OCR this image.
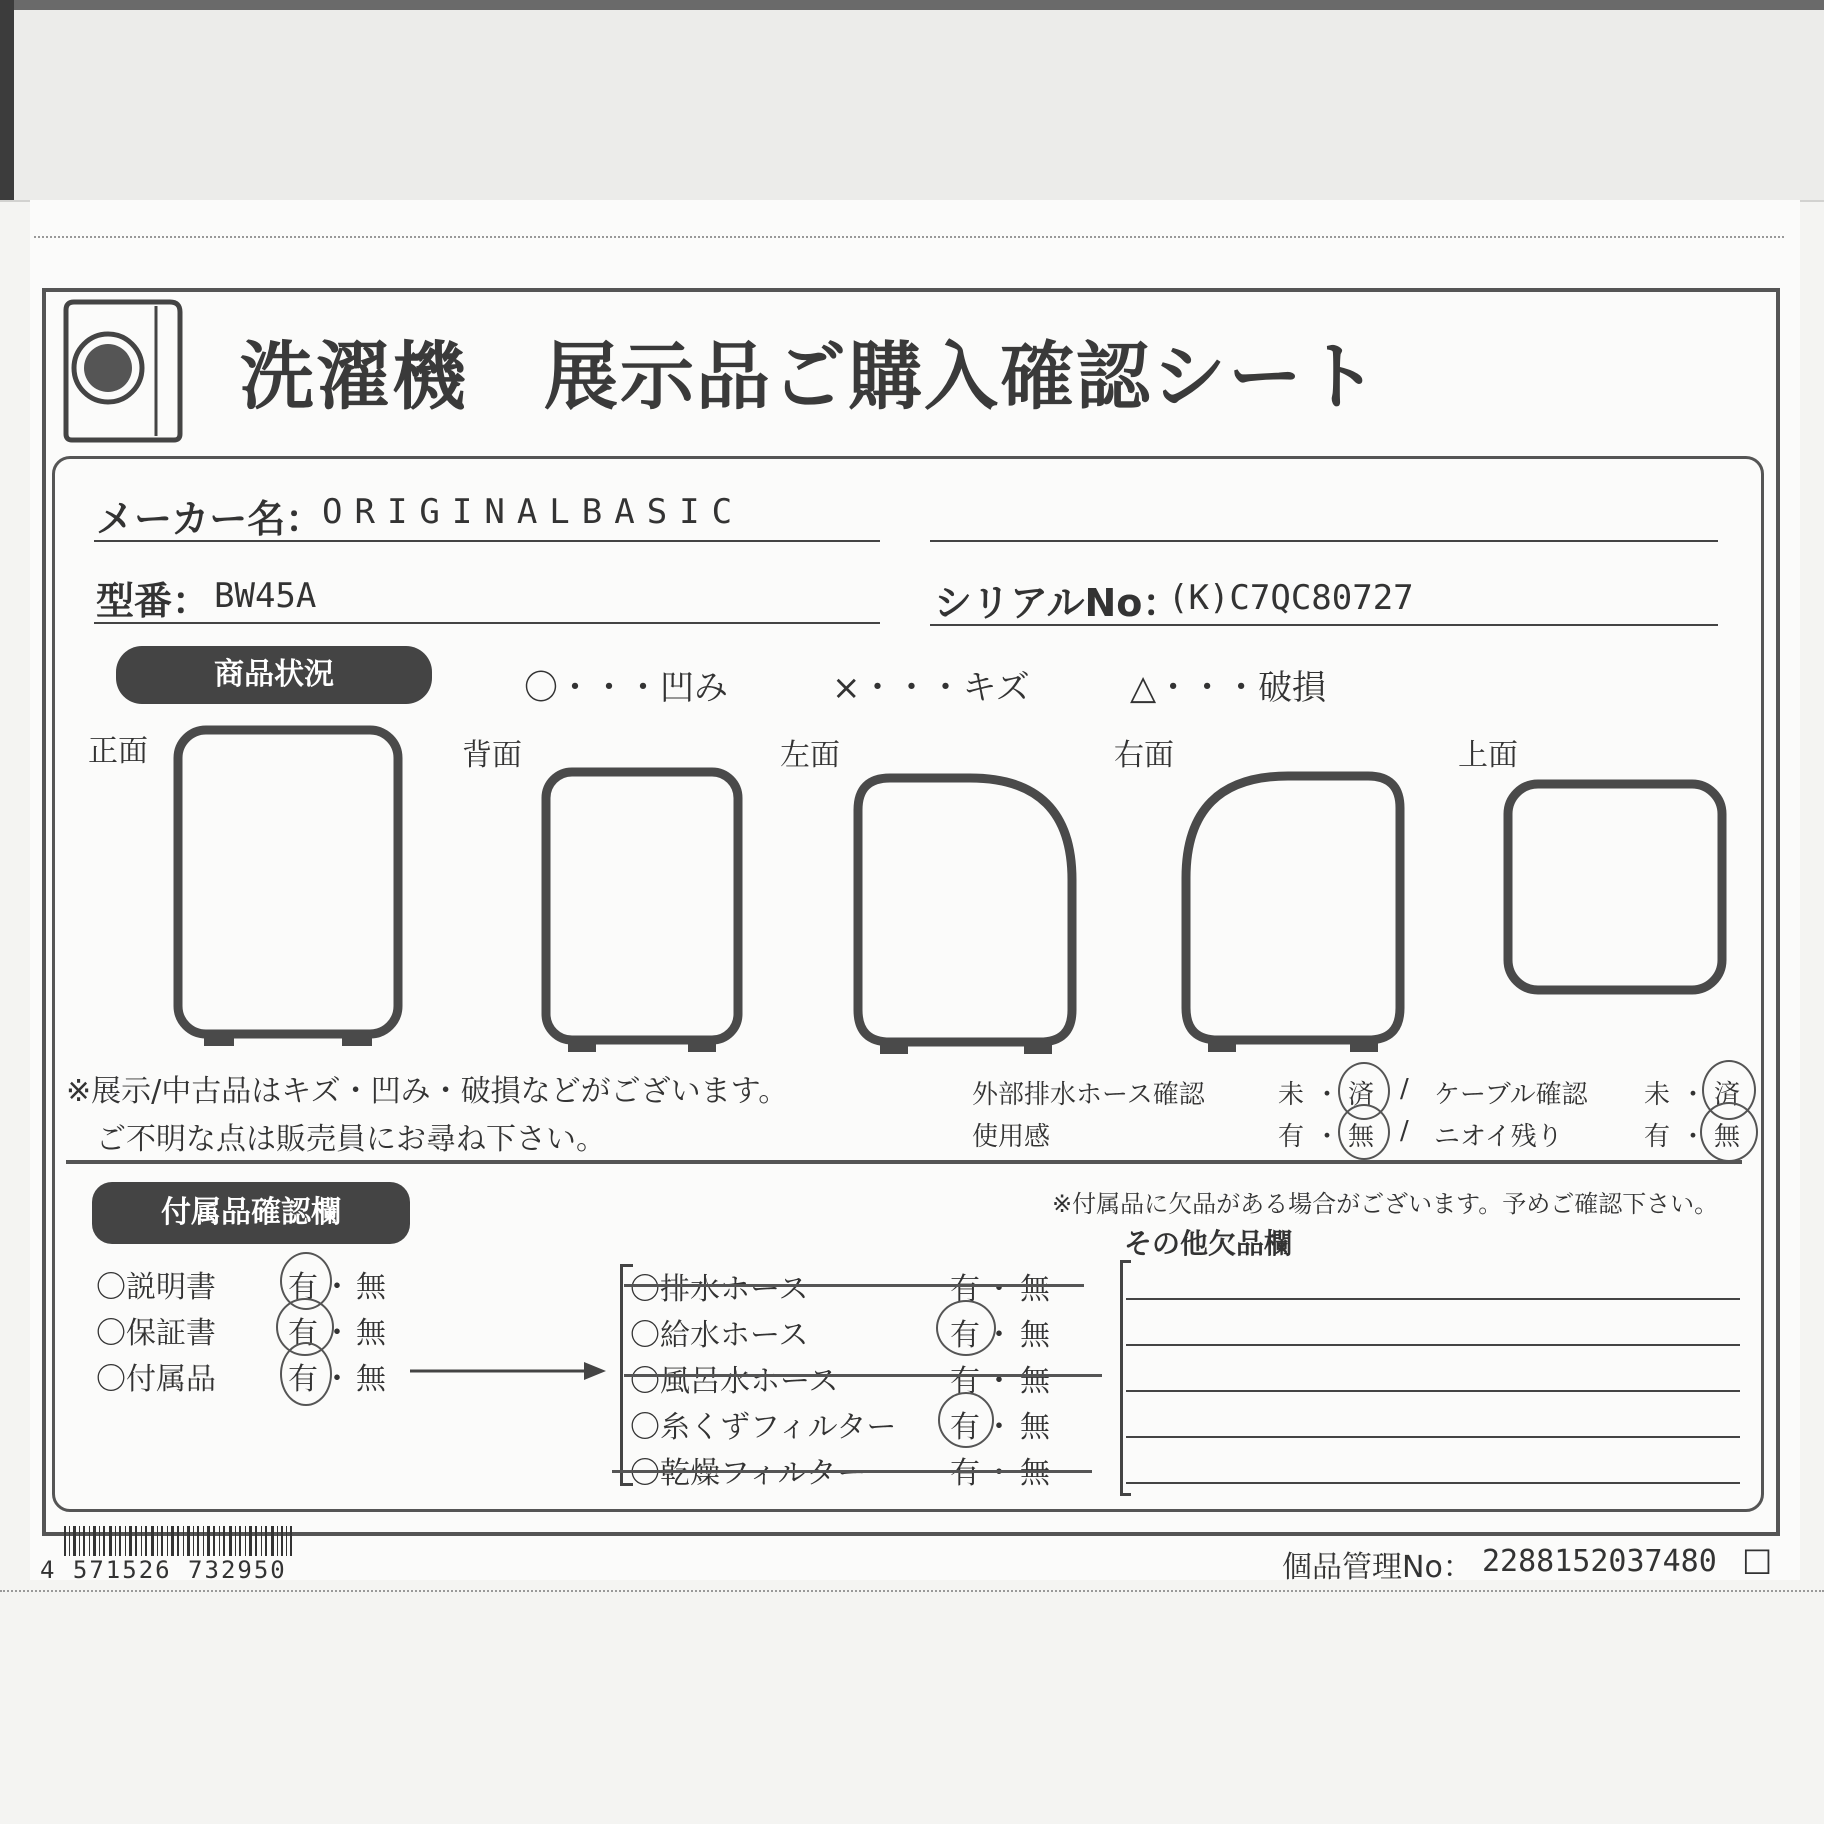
洗濯機　展示品ご購入確認シート
メーカー名：
ORIGINALBASIC
型番： BW45A	シリアルNo：
(K)C7QC80727
商品状況	〇・・・凹み	×・・・キズ	△・・・破損
正面	背面	左面	右面	上面
※展示/中古品はキズ・凹み・破損などがございます。
ご不明な点は販売員にお尋ね下さい。
外部排水ホース確認	未 ・ 済 / ケーブル確認 未 ・ 済
使用感	有 ・ 無 / ニオイ残り	有 ・ 無
付属品確認欄	※付属品に欠品がある場合がございます。予めご確認下さい。
その他欠品欄
〇説明書 有 ・ 無
〇保証書 有 ・ 無
〇付属品 有 ・ 無
〇排水ホース	有 ・ 無
〇給水ホース	有 ・ 無
〇風呂水ホース	有 ・ 無
〇糸くずフィルター 有 ・ 無
〇乾燥フィルター	有 ・ 無
4 571526 732950	個品管理No： 2288152037480 □
